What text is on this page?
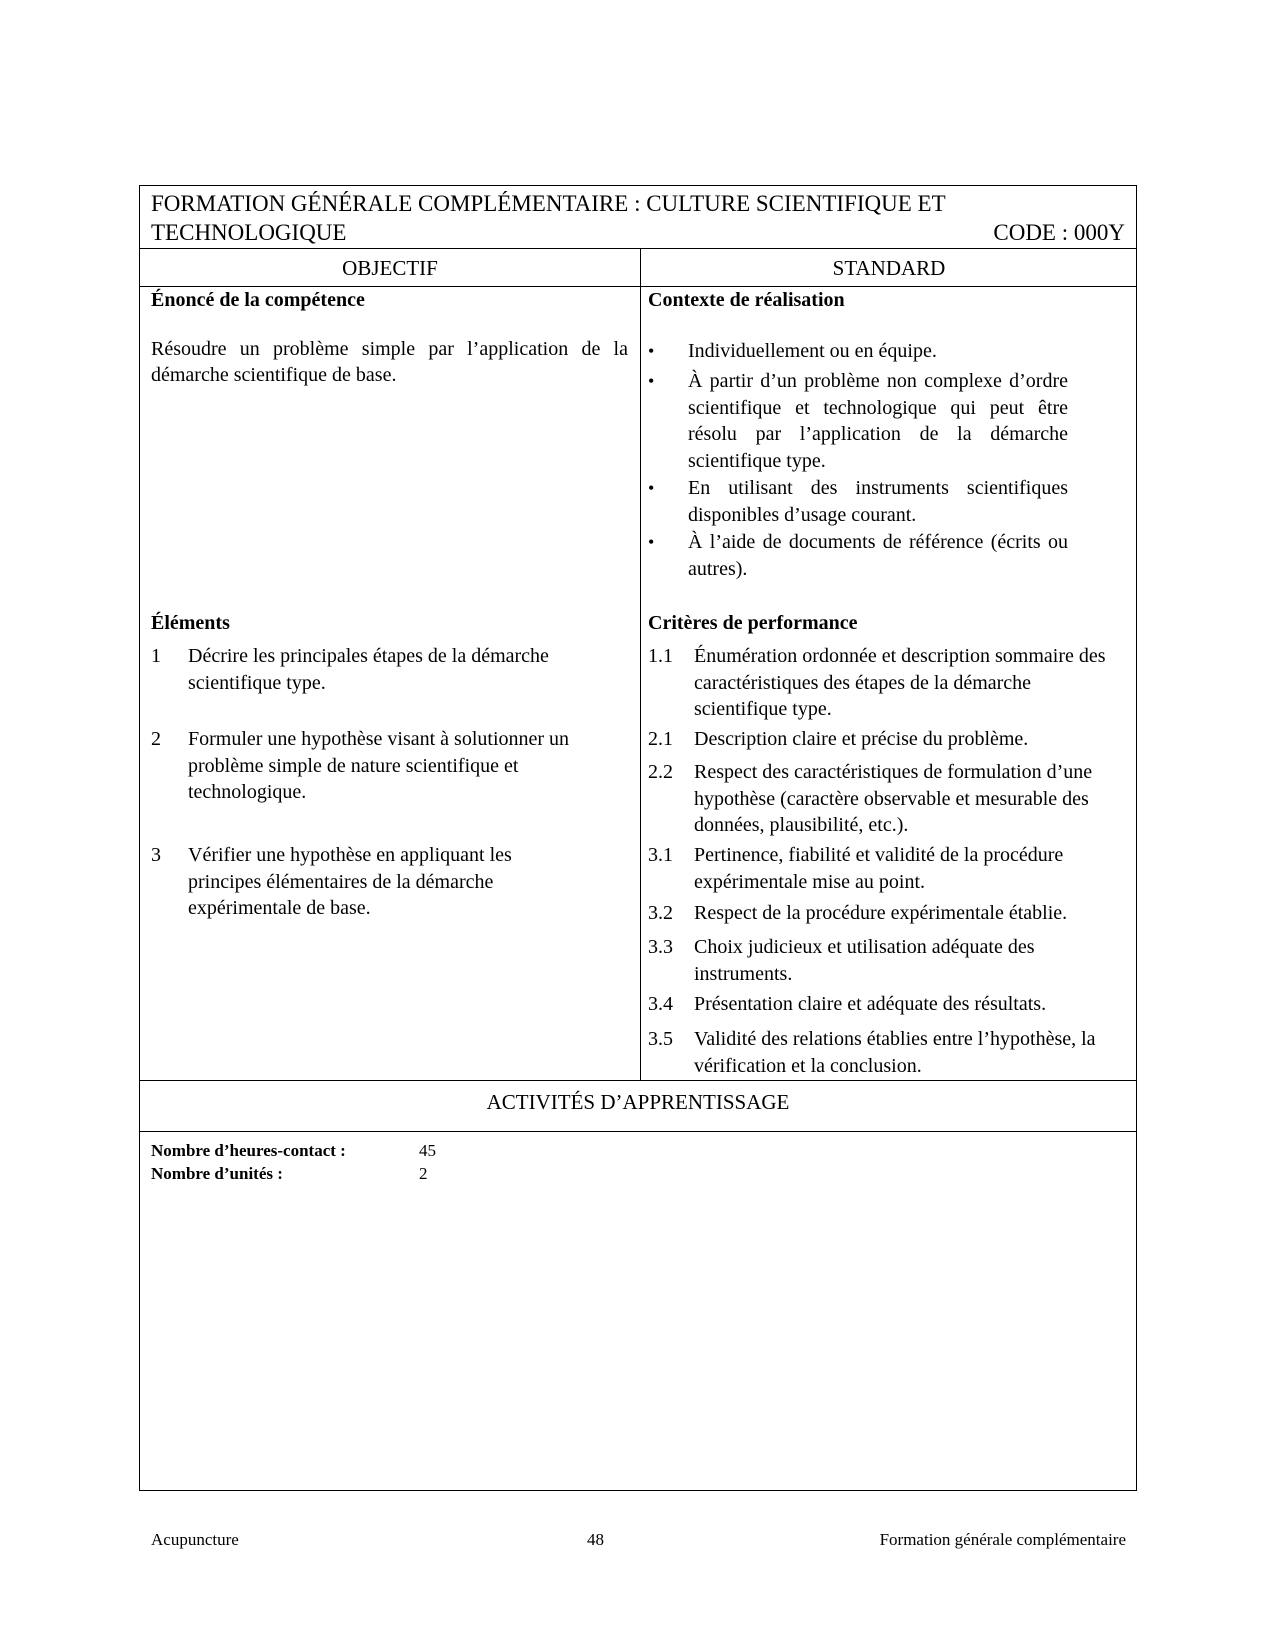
FORMATION GÉNÉRALE COMPLÉMENTAIRE : CULTURE SCIENTIFIQUE ET
TECHNOLOGIQUE	CODE : 000Y
OBJECTIF	STANDARD
Énoncé de la compétence
Résoudre un problème simple par l’application de la démarche scientifique de base.
Contexte de réalisation
• Individuellement ou en équipe.
• À partir d’un problème non complexe d’ordre scientifique et technologique qui peut être résolu par l’application de la démarche scientifique type.
• En utilisant des instruments scientifiques disponibles d’usage courant.
• À l’aide de documents de référence (écrits ou autres).
Éléments
1 Décrire les principales étapes de la démarche scientifique type.
2 Formuler une hypothèse visant à solutionner un problème simple de nature scientifique et technologique.
3 Vérifier une hypothèse en appliquant les principes élémentaires de la démarche expérimentale de base.
Critères de performance
1.1 Énumération ordonnée et description sommaire des caractéristiques des étapes de la démarche scientifique type.
2.1 Description claire et précise du problème.
2.2 Respect des caractéristiques de formulation d’une hypothèse (caractère observable et mesurable des données, plausibilité, etc.).
3.1 Pertinence, fiabilité et validité de la procédure expérimentale mise au point.
3.2 Respect de la procédure expérimentale établie.
3.3 Choix judicieux et utilisation adéquate des instruments.
3.4 Présentation claire et adéquate des résultats.
3.5 Validité des relations établies entre l’hypothèse, la vérification et la conclusion.
ACTIVITÉS D’APPRENTISSAGE
Nombre d’heures-contact :	45
Nombre d’unités :	2
Acupuncture	48	Formation générale complémentaire
